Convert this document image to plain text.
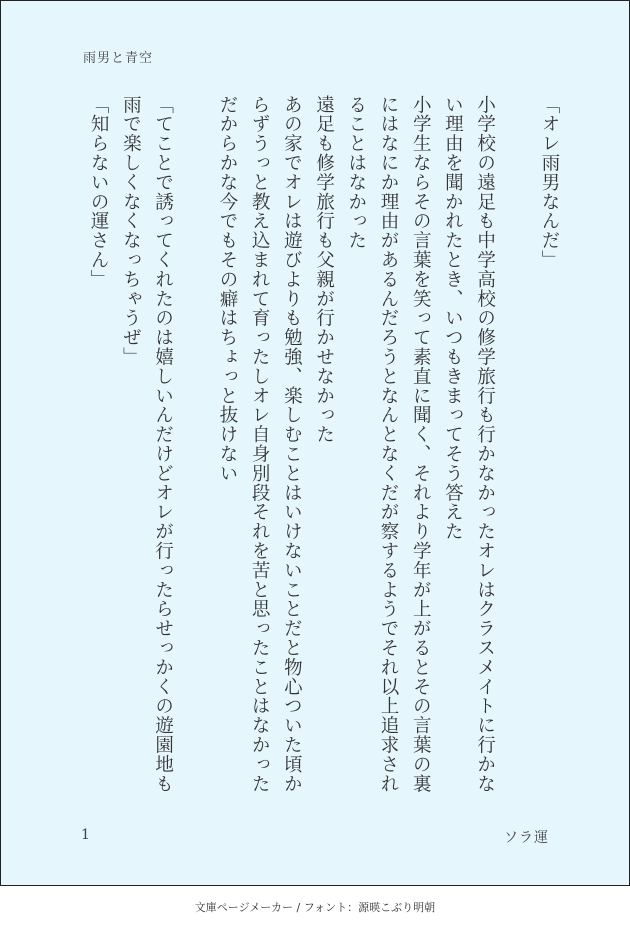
雨男と青空
「オレ雨男なんだ」

小学校の遠足も中学高校の修学旅行も行かなかったオレはクラスメイトに行かな
い理由を聞かれたとき、いつもきまってそう答えた
小学生ならその言葉を笑って素直に聞く、それより学年が上がるとその言葉の裏
にはなにか理由があるんだろうとなんとなくだが察するようでそれ以上追求され
ることはなかった
遠足も修学旅行も父親が行かせなかった
あの家でオレは遊びよりも勉強、楽しむことはいけないことだと物心ついた頃か
らずうっと教え込まれて育ったしオレ自身別段それを苦と思ったことはなかった
だからかな今でもその癖はちょっと抜けない

「てことで誘ってくれたのは嬉しいんだけどオレが行ったらせっかくの遊園地も
雨で楽しくなくなっちゃうぜ」
「知らないの運さん」
1	ソラ運
文庫ページメーカー / フォント：源暎こぶり明朝
